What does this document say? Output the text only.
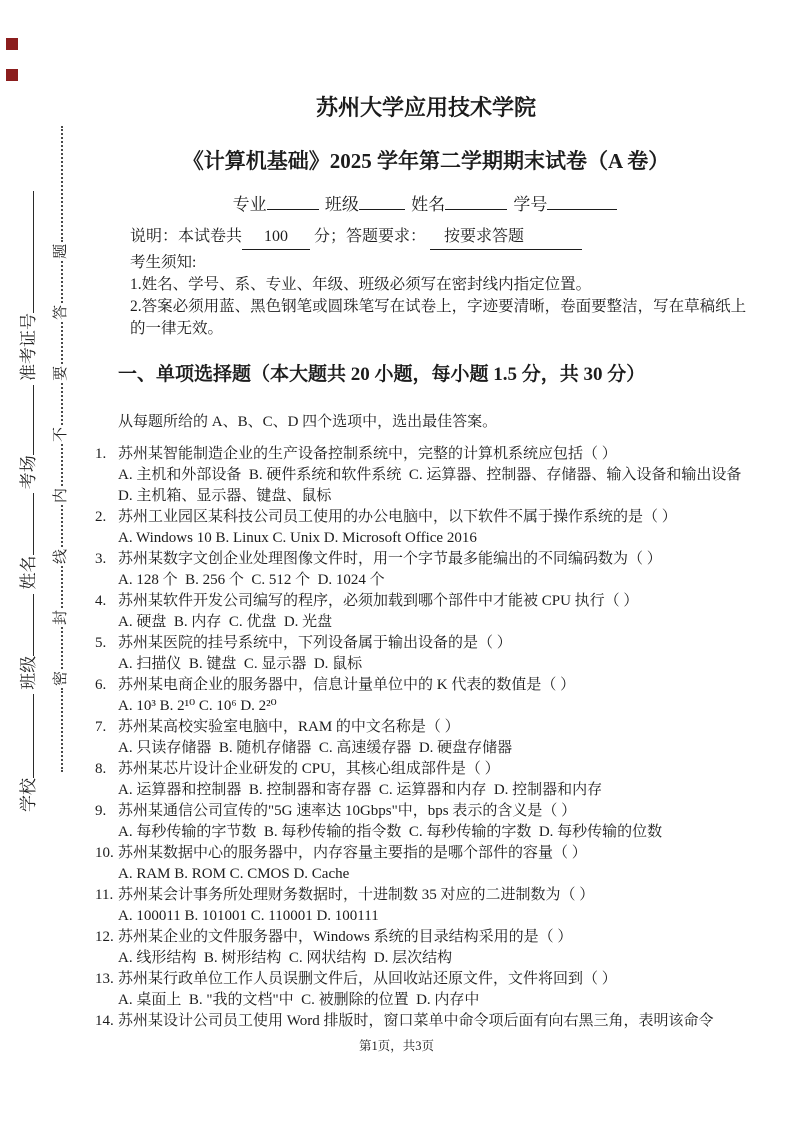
学校 班级 姓名 考场 准考证号
密封线内不要答题
苏州大学应用技术学院
《计算机基础》2025 学年第二学期期末试卷（A 卷）
专业	班级	姓名	学号
说明：本试卷共 100 分；答题要求： 按要求答题

考生须知:

1.姓名、学号、系、专业、年级、班级必须写在密封线内指定位置。

2.答案必须用蓝、黑色钢笔或圆珠笔写在试卷上，字迹要清晰，卷面要整洁，写在草稿纸上的一律无效。

一、单项选择题（本大题共 20 小题，每小题 1.5 分，共 30 分）
从每题所给的 A、B、C、D 四个选项中，选出最佳答案。
1. 苏州某智能制造企业的生产设备控制系统中，完整的计算机系统应包括（ ）
A. 主机和外部设备  B. 硬件系统和软件系统  C. 运算器、控制器、存储器、输入设备和输出设备  D. 主机箱、显示器、键盘、鼠标
2. 苏州工业园区某科技公司员工使用的办公电脑中，以下软件不属于操作系统的是（ ）
A. Windows 10 B. Linux C. Unix D. Microsoft Office 2016
3. 苏州某数字文创企业处理图像文件时，用一个字节最多能编出的不同编码数为（ ）
A. 128 个  B. 256 个  C. 512 个  D. 1024 个
4. 苏州某软件开发公司编写的程序，必须加载到哪个部件中才能被 CPU 执行（ ）
A. 硬盘  B. 内存  C. 优盘  D. 光盘
5. 苏州某医院的挂号系统中，下列设备属于输出设备的是（ ）
A. 扫描仪  B. 键盘  C. 显示器  D. 鼠标
6. 苏州某电商企业的服务器中，信息计量单位中的 K 代表的数值是（ ）
A. 10³ B. 2¹⁰ C. 10⁶ D. 2²⁰
7. 苏州某高校实验室电脑中，RAM 的中文名称是（ ）
A. 只读存储器  B. 随机存储器  C. 高速缓存器  D. 硬盘存储器
8. 苏州某芯片设计企业研发的 CPU，其核心组成部件是（ ）
A. 运算器和控制器  B. 控制器和寄存器  C. 运算器和内存  D. 控制器和内存
9. 苏州某通信公司宣传的"5G 速率达 10Gbps"中，bps 表示的含义是（ ）
A. 每秒传输的字节数  B. 每秒传输的指令数  C. 每秒传输的字数  D. 每秒传输的位数
10. 苏州某数据中心的服务器中，内存容量主要指的是哪个部件的容量（ ）
A. RAM B. ROM C. CMOS D. Cache
11. 苏州某会计事务所处理财务数据时，十进制数 35 对应的二进制数为（ ）
A. 100011 B. 101001 C. 110001 D. 100111
12. 苏州某企业的文件服务器中，Windows 系统的目录结构采用的是（ ）
A. 线形结构  B. 树形结构  C. 网状结构  D. 层次结构
13. 苏州某行政单位工作人员误删文件后，从回收站还原文件，文件将回到（ ）
A. 桌面上  B. "我的文档"中  C. 被删除的位置  D. 内存中
14. 苏州某设计公司员工使用 Word 排版时，窗口菜单中命令项后面有向右黑三角，表明该命令
第1页，共3页
